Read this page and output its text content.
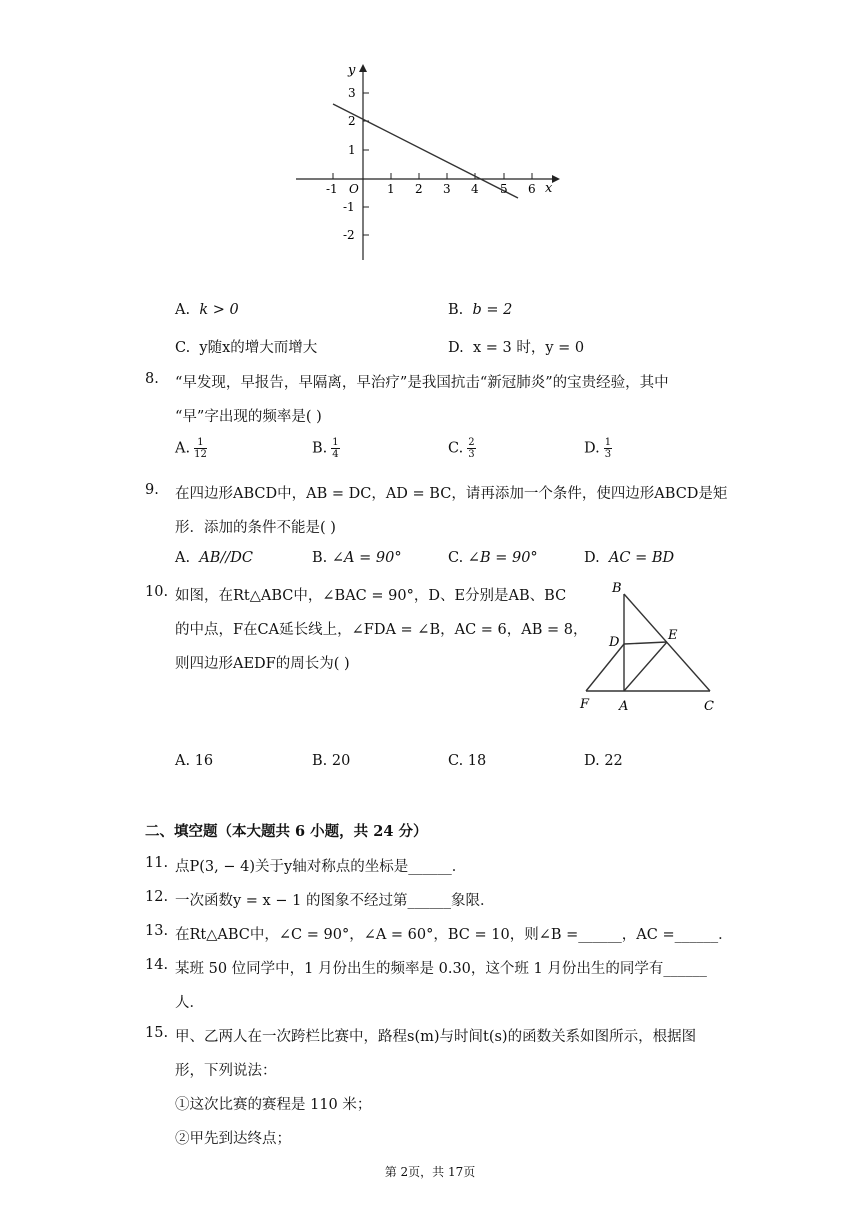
y
x
O
-1	1 2 3 4 5 6
3
2
1
-1
-2
A. k > 0	B. b = 2
C. y随x的增大而增大	D. x = 3 时，y = 0
8.	“早发现，早报告，早隔离，早治疗”是我国抗击“新冠肺炎”的宝贵经验，其中
“早”字出现的频率是( )
A. $\frac{1}{12}$	B. $\frac{1}{4}$	C. $\frac{2}{3}$	D. $\frac{1}{3}$
9.	在四边形ABCD中，AB = DC，AD = BC，请再添加一个条件，使四边形ABCD是矩
形．添加的条件不能是( )
A. AB//DC	B. ∠A = 90°	C. ∠B = 90°	D. AC = BD
10. 如图，在Rt△ABC中，∠BAC = 90°，D、E分别是AB、BC
的中点，F在CA延长线上，∠FDA = ∠B，AC = 6，AB = 8，
则四边形AEDF的周长为( )
B
D	E
F A	C
A. 16	B. 20	C. 18	D. 22
二、填空题（本大题共 6 小题，共 24 分）
11. 点P(3, − 4)关于y轴对称点的坐标是______．
12. 一次函数y = x − 1 的图象不经过第______象限．
13. 在Rt△ABC中，∠C = 90°，∠A = 60°，BC = 10，则∠B =______，AC =______．
14. 某班 50 位同学中，1 月份出生的频率是 0.30，这个班 1 月份出生的同学有______
人．
15. 甲、乙两人在一次跨栏比赛中，路程s(m)与时间t(s)的函数关系如图所示，根据图
形，下列说法：
①这次比赛的赛程是 110 米；
②甲先到达终点；
第 2页，共 17页
